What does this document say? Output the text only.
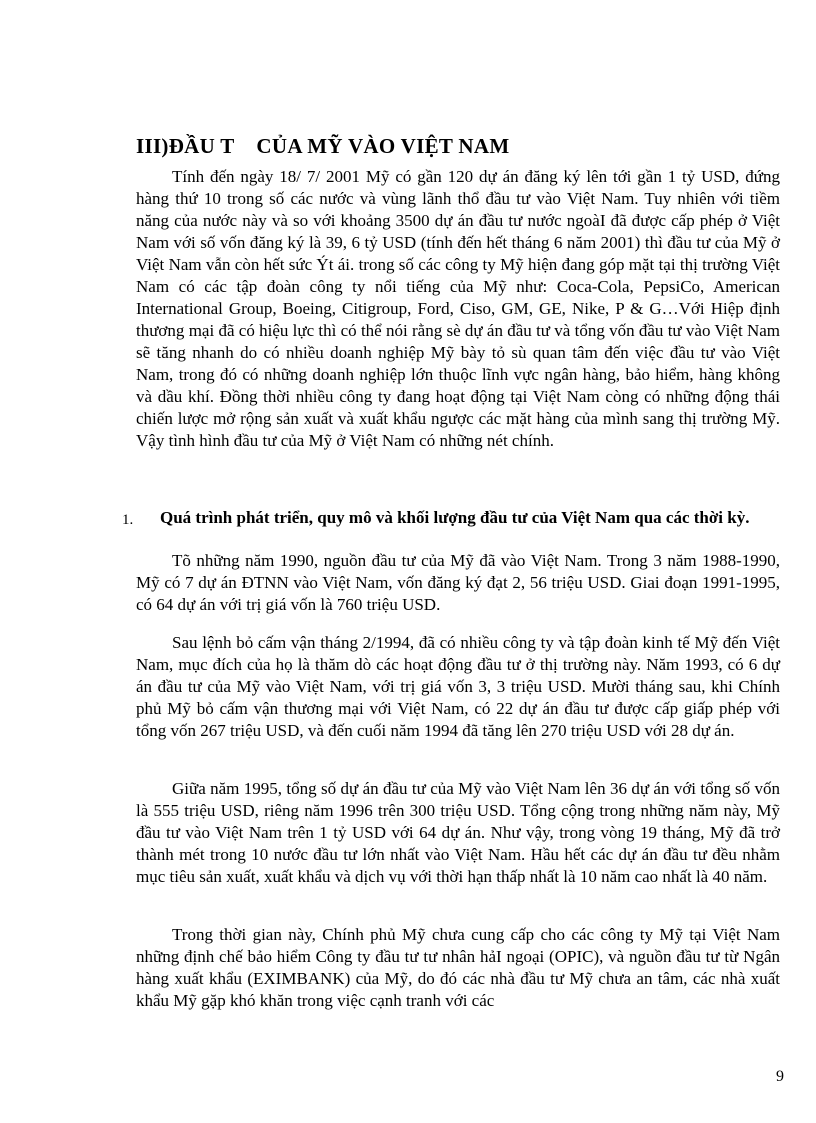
III)ĐẦU T    CỦA MỸ VÀO VIỆT NAM

Tính đến ngày 18/ 7/ 2001 Mỹ có gần 120 dự án đăng ký lên tới gần 1 tỷ USD, đứng hàng thứ 10 trong số các nước và vùng lãnh thổ đầu tư vào Việt Nam. Tuy nhiên với tiềm năng của nước này và so với khoảng 3500 dự án đầu tư nước ngoàI đã được cấp phép ở Việt Nam với số vốn đăng ký là 39, 6 tỷ USD (tính đến hết tháng 6 năm 2001) thì đầu tư của Mỹ ở Việt Nam vẫn còn hết sức Ýt ái. trong số các công ty Mỹ hiện đang góp mặt tại thị trường Việt Nam có các tập đoàn công ty nổi tiếng của Mỹ như: Coca-Cola, PepsiCo, American International Group, Boeing, Citigroup, Ford, Ciso, GM, GE, Nike, P & G…Với Hiệp định thương mại đã có hiệu lực thì có thể nói rằng sè dự án đầu tư và tổng vốn đầu tư vào Việt Nam sẽ tăng nhanh do có nhiều doanh nghiệp Mỹ bày tỏ sù quan tâm đến việc đầu tư vào Việt Nam, trong đó có những doanh nghiệp lớn thuộc lĩnh vực ngân hàng, bảo hiểm, hàng không và dầu khí. Đồng thời nhiều công ty đang hoạt động tại Việt Nam còng có những động thái chiến lược mở rộng sản xuất và xuất khẩu ngược các mặt hàng của mình sang thị trường Mỹ. Vậy tình hình đầu tư của Mỹ ở Việt Nam có những nét chính.

1. Quá trình phát triển, quy mô và khối lượng đầu tư của Việt Nam qua các thời kỳ.

Tõ những năm 1990, nguồn đầu tư của Mỹ đã vào Việt Nam. Trong 3 năm 1988-1990, Mỹ có 7 dự án ĐTNN vào Việt Nam, vốn đăng ký đạt 2, 56 triệu USD. Giai đoạn 1991-1995, có 64 dự án với trị giá vốn là 760 triệu USD.

Sau lệnh bỏ cấm vận tháng 2/1994, đã có nhiều công ty và tập đoàn kinh tế Mỹ đến Việt Nam, mục đích của họ là thăm dò các hoạt động đầu tư ở thị trường này. Năm 1993, có 6 dự án đầu tư của Mỹ vào Việt Nam, với trị giá vốn 3, 3 triệu USD. Mười tháng sau, khi Chính phủ Mỹ bỏ cấm vận thương mại với Việt Nam, có 22 dự án đầu tư được cấp giấp phép với tổng vốn 267 triệu USD, và đến cuối năm 1994 đã tăng lên 270 triệu USD với 28 dự án.

Giữa năm 1995, tổng số dự án đầu tư của Mỹ vào Việt Nam lên 36 dự án với tổng số vốn là 555 triệu USD, riêng năm 1996 trên 300 triệu USD. Tổng cộng trong những năm này, Mỹ đầu tư vào Việt Nam trên 1 tỷ USD với 64 dự án. Như vậy, trong vòng 19 tháng, Mỹ đã trở thành mét trong 10 nước đầu tư lớn nhất vào Việt Nam. Hầu hết các dự án đầu tư đều nhằm mục tiêu sản xuất, xuất khẩu và dịch vụ với thời hạn thấp nhất là 10 năm cao nhất là 40 năm.

Trong thời gian này, Chính phủ Mỹ chưa cung cấp cho các công ty Mỹ tại Việt Nam những định chế bảo hiểm Công ty đầu tư tư nhân hảI ngoại (OPIC), và nguồn đầu tư từ Ngân hàng xuất khẩu (EXIMBANK) của Mỹ, do đó các nhà đầu tư Mỹ chưa an tâm, các nhà xuất khẩu Mỹ gặp khó khăn trong việc cạnh tranh với các

9
